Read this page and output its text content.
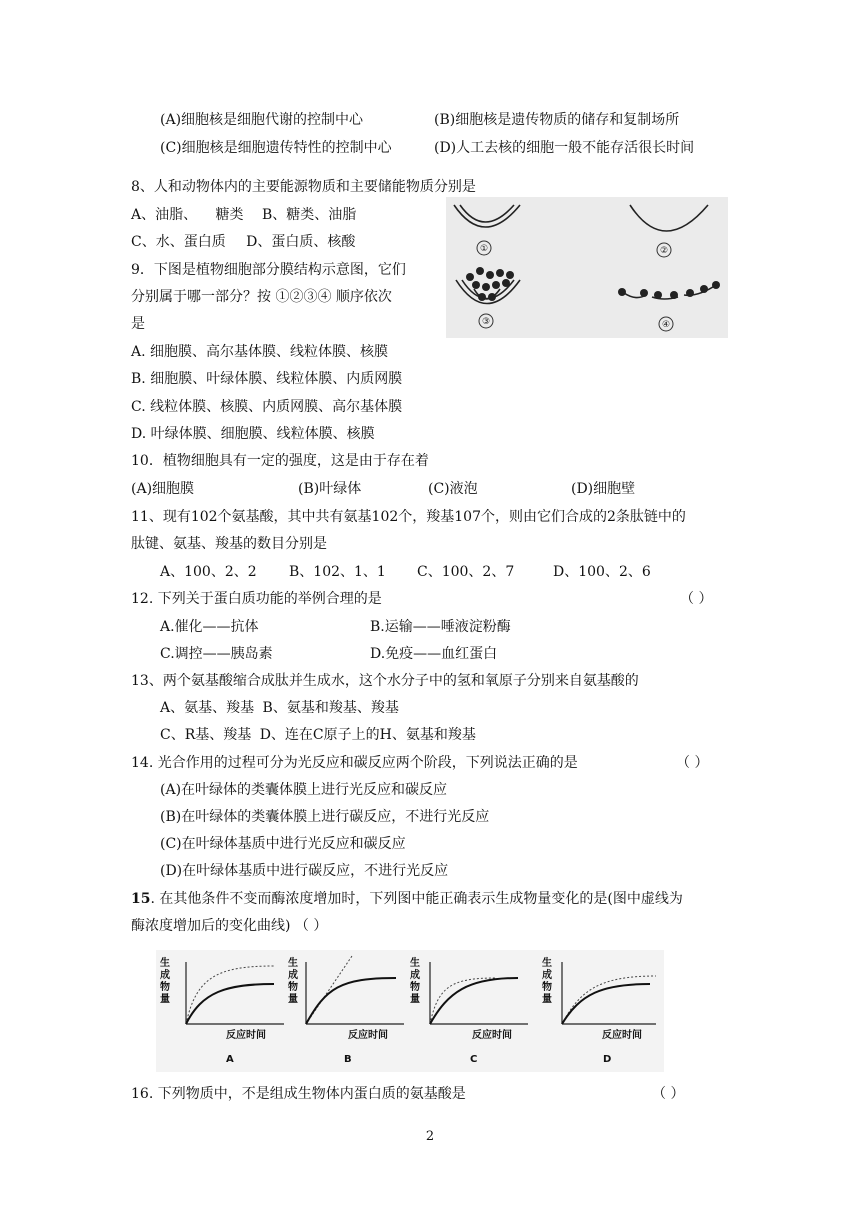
(A)细胞核是细胞代谢的控制中心	(B)细胞核是遗传物质的储存和复制场所
(C)细胞核是细胞遗传特性的控制中心	(D)人工去核的细胞一般不能存活很长时间
8、人和动物体内的主要能源物质和主要储能物质分别是
A、油脂、 糖类 B、糖类、油脂
C、水、蛋白质 D、蛋白质、核酸
9．下图是植物细胞部分膜结构示意图，它们
分别属于哪一部分？按 ①②③④ 顺序依次
是
A. 细胞膜、高尔基体膜、线粒体膜、核膜
B. 细胞膜、叶绿体膜、线粒体膜、内质网膜
C. 线粒体膜、核膜、内质网膜、高尔基体膜
D. 叶绿体膜、细胞膜、线粒体膜、核膜
①	②
③	④
10．植物细胞具有一定的强度，这是由于存在着
(A)细胞膜	(B)叶绿体	(C)液泡	(D)细胞壁
11、现有102个氨基酸，其中共有氨基102个，羧基107个，则由它们合成的2条肽链中的
肽键、氨基、羧基的数目分别是
A、100、2、2 B、102、1、1 C、100、2、7	D、100、2、6
12. 下列关于蛋白质功能的举例合理的是	（ ）
A.催化——抗体	B.运输——唾液淀粉酶
C.调控——胰岛素	D.免疫——血红蛋白
13、两个氨基酸缩合成肽并生成水，这个水分子中的氢和氧原子分别来自氨基酸的
A、氨基、羧基 B、氨基和羧基、羧基
C、R基、羧基 D、连在C原子上的H、氨基和羧基
14. 光合作用的过程可分为光反应和碳反应两个阶段，下列说法正确的是	（ ）
(A)在叶绿体的类囊体膜上进行光反应和碳反应
(B)在叶绿体的类囊体膜上进行碳反应，不进行光反应
(C)在叶绿体基质中进行光反应和碳反应
(D)在叶绿体基质中进行碳反应，不进行光反应
15. 在其他条件不变而酶浓度增加时，下列图中能正确表示生成物量变化的是(图中虚线为
酶浓度增加后的变化曲线) （ ）
生
成
物
量
反应时间
A
生
成
物
量
反应时间
B
生
成
物
量
反应时间
C
生
成
物
量
反应时间
D
16. 下列物质中，不是组成生物体内蛋白质的氨基酸是	（ ）
2
